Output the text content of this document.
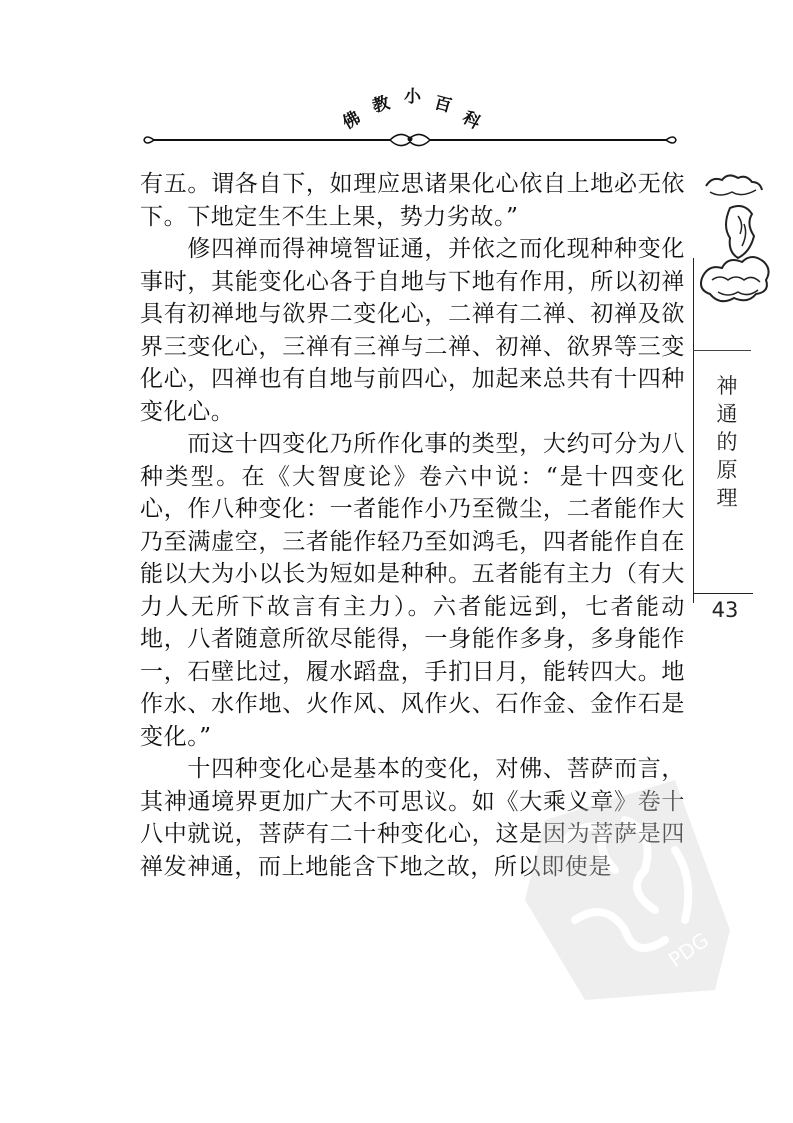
佛
教 小 百
科

有五。谓各自下，如理应思诸果化心依自上地必无依下。下地定生不生上果，势力劣故。”

　　修四禅而得神境智证通，并依之而化现种种变化事时，其能变化心各于自地与下地有作用，所以初禅具有初禅地与欲界二变化心，二禅有二禅、初禅及欲界三变化心，三禅有三禅与二禅、初禅、欲界等三变化心，四禅也有自地与前四心，加起来总共有十四种变化心。

　　而这十四变化乃所作化事的类型，大约可分为八种类型。在《大智度论》卷六中说：“是十四变化心，作八种变化：一者能作小乃至微尘，二者能作大乃至满虚空，三者能作轻乃至如鸿毛，四者能作自在能以大为小以长为短如是种种。五者能有主力（有大力人无所下故言有主力）。六者能远到，七者能动地，八者随意所欲尽能得，一身能作多身，多身能作一，石壁比过，履水蹈盘，手扪日月，能转四大。地作水、水作地、火作风、风作火、石作金、金作石是变化。”

　　十四种变化心是基本的变化，对佛、菩萨而言，其神通境界更加广大不可思议。如《大乘义章》卷十八中就说，菩萨有二十种变化心，这是因为菩萨是四禅发神通，而上地能含下地之故，所以即使是

神
通
的
原
理
43
PDG
